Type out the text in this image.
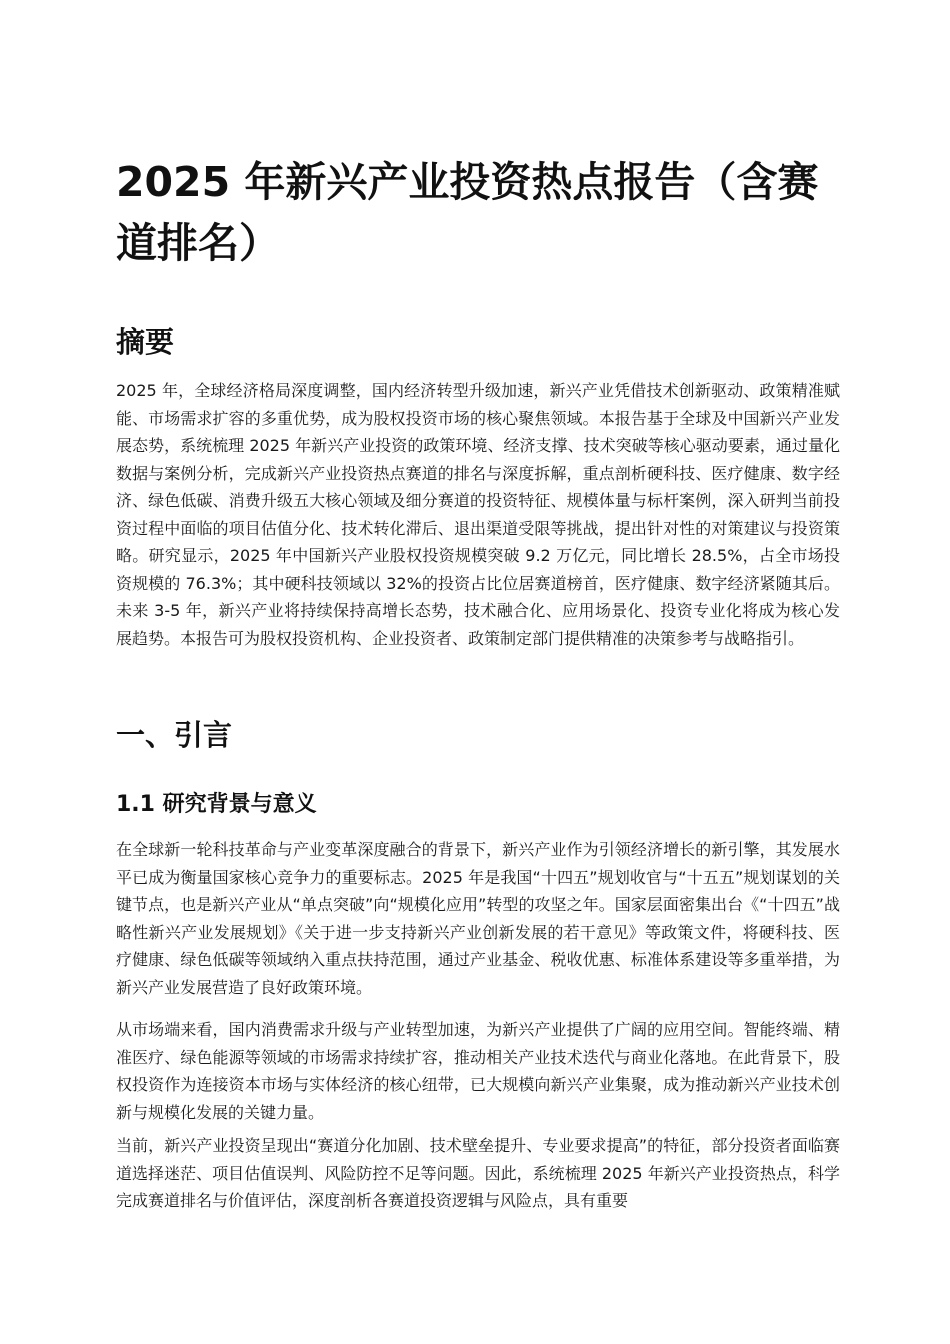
2025 年新兴产业投资热点报告（含赛道排名）
摘要

2025 年，全球经济格局深度调整，国内经济转型升级加速，新兴产业凭借技术创新驱动、政策精准赋能、市场需求扩容的多重优势，成为股权投资市场的核心聚焦领域。本报告基于全球及中国新兴产业发展态势，系统梳理 2025 年新兴产业投资的政策环境、经济支撑、技术突破等核心驱动要素，通过量化数据与案例分析，完成新兴产业投资热点赛道的排名与深度拆解，重点剖析硬科技、医疗健康、数字经济、绿色低碳、消费升级五大核心领域及细分赛道的投资特征、规模体量与标杆案例，深入研判当前投资过程中面临的项目估值分化、技术转化滞后、退出渠道受限等挑战，提出针对性的对策建议与投资策略。研究显示，2025 年中国新兴产业股权投资规模突破 9.2 万亿元，同比增长 28.5%，占全市场投资规模的 76.3%；其中硬科技领域以 32%的投资占比位居赛道榜首，医疗健康、数字经济紧随其后。未来 3-5 年，新兴产业将持续保持高增长态势，技术融合化、应用场景化、投资专业化将成为核心发展趋势。本报告可为股权投资机构、企业投资者、政策制定部门提供精准的决策参考与战略指引。

一、引言
1.1 研究背景与意义

在全球新一轮科技革命与产业变革深度融合的背景下，新兴产业作为引领经济增长的新引擎，其发展水平已成为衡量国家核心竞争力的重要标志。2025 年是我国“十四五”规划收官与“十五五”规划谋划的关键节点，也是新兴产业从“单点突破”向“规模化应用”转型的攻坚之年。国家层面密集出台《“十四五”战略性新兴产业发展规划》《关于进一步支持新兴产业创新发展的若干意见》等政策文件，将硬科技、医疗健康、绿色低碳等领域纳入重点扶持范围，通过产业基金、税收优惠、标准体系建设等多重举措，为新兴产业发展营造了良好政策环境。

从市场端来看，国内消费需求升级与产业转型加速，为新兴产业提供了广阔的应用空间。智能终端、精准医疗、绿色能源等领域的市场需求持续扩容，推动相关产业技术迭代与商业化落地。在此背景下，股权投资作为连接资本市场与实体经济的核心纽带，已大规模向新兴产业集聚，成为推动新兴产业技术创新与规模化发展的关键力量。

当前，新兴产业投资呈现出“赛道分化加剧、技术壁垒提升、专业要求提高”的特征，部分投资者面临赛道选择迷茫、项目估值误判、风险防控不足等问题。因此，系统梳理 2025 年新兴产业投资热点，科学完成赛道排名与价值评估，深度剖析各赛道投资逻辑与风险点，具有重要
